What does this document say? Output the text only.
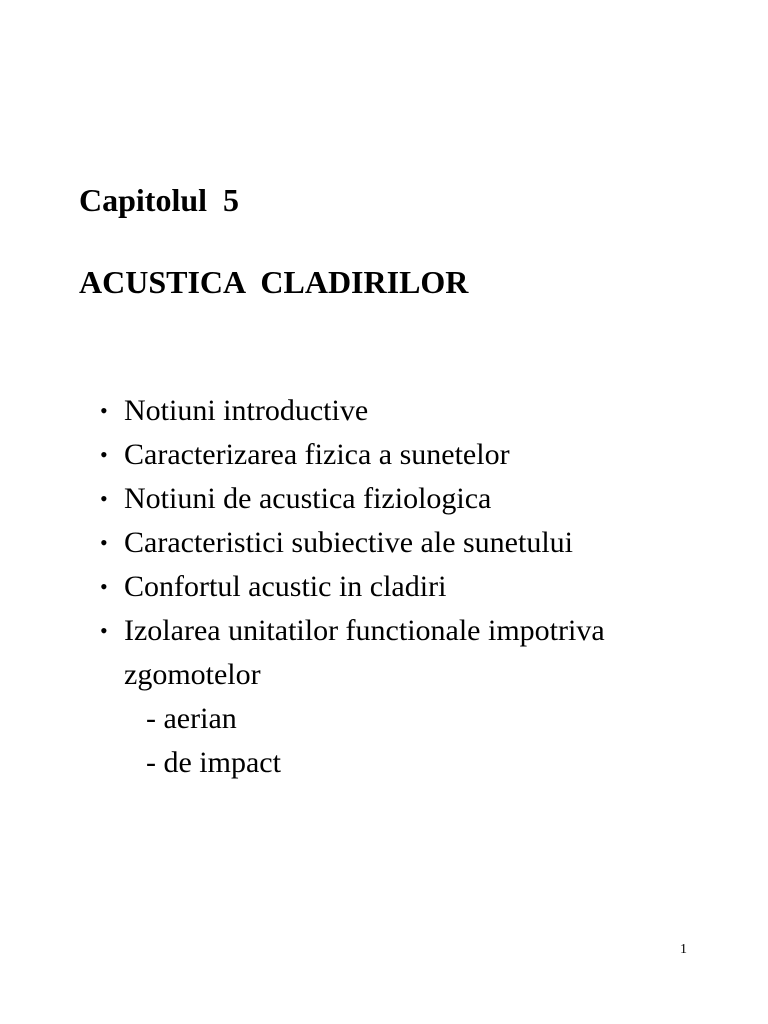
Capitolul  5
ACUSTICA  CLADIRILOR
• Notiuni introductive
• Caracterizarea fizica a sunetelor
• Notiuni de acustica fiziologica
• Caracteristici subiective ale sunetului
• Confortul acustic in cladiri
• Izolarea unitatilor functionale impotriva zgomotelor
- aerian
- de impact
1
